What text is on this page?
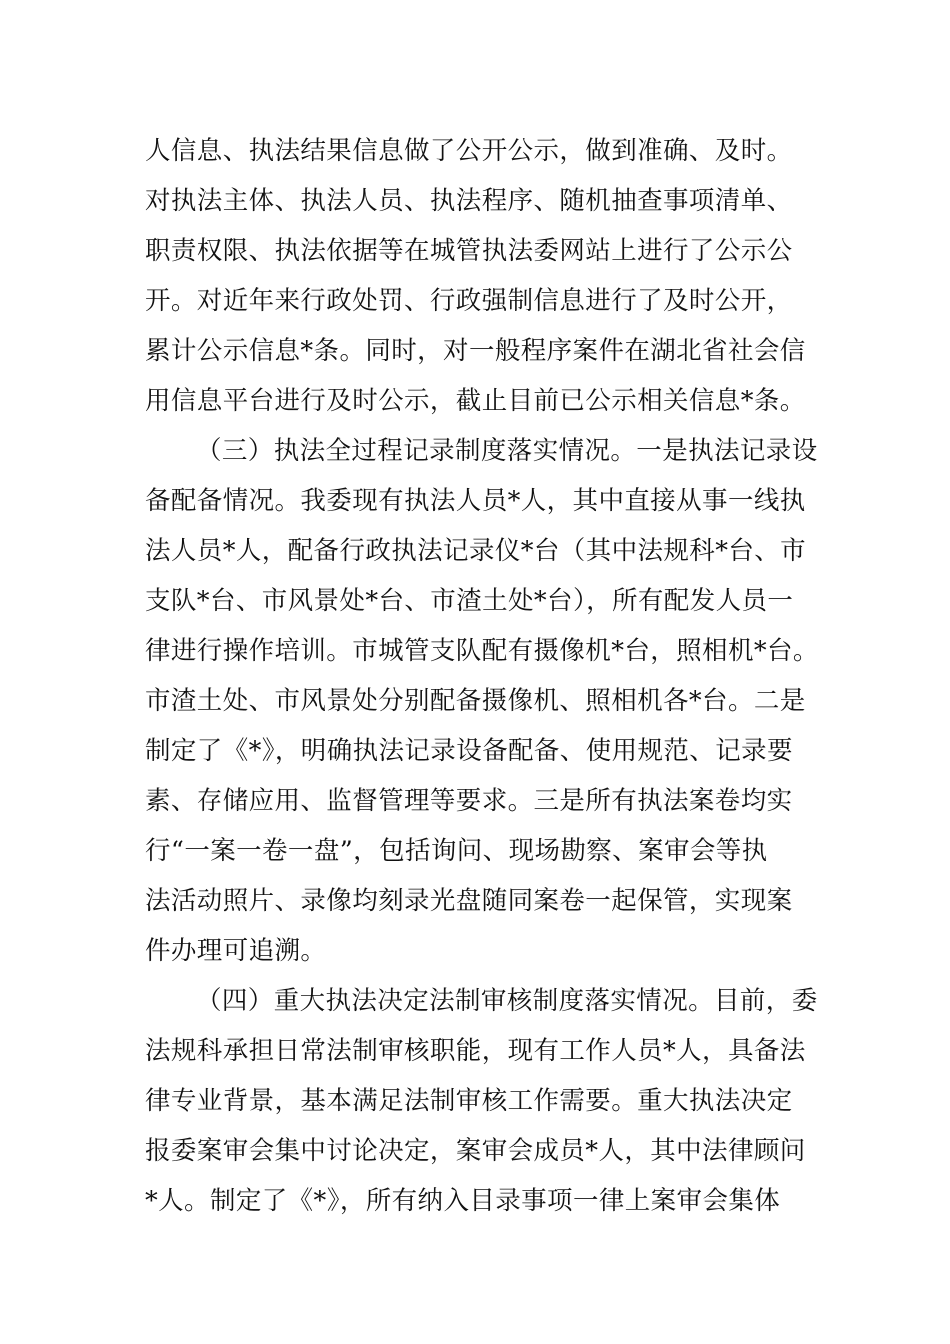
人信息、执法结果信息做了公开公示，做到准确、及时。
对执法主体、执法人员、执法程序、随机抽查事项清单、
职责权限、执法依据等在城管执法委网站上进行了公示公
开。对近年来行政处罚、行政强制信息进行了及时公开，
累计公示信息*条。同时，对一般程序案件在湖北省社会信
用信息平台进行及时公示，截止目前已公示相关信息*条。
（三）执法全过程记录制度落实情况。一是执法记录设
备配备情况。我委现有执法人员*人，其中直接从事一线执
法人员*人，配备行政执法记录仪*台（其中法规科*台、市
支队*台、市风景处*台、市渣土处*台），所有配发人员一
律进行操作培训。市城管支队配有摄像机*台，照相机*台。
市渣土处、市风景处分别配备摄像机、照相机各*台。二是
制定了《*》，明确执法记录设备配备、使用规范、记录要
素、存储应用、监督管理等要求。三是所有执法案卷均实
行“一案一卷一盘”，包括询问、现场勘察、案审会等执
法活动照片、录像均刻录光盘随同案卷一起保管，实现案
件办理可追溯。
（四）重大执法决定法制审核制度落实情况。目前，委
法规科承担日常法制审核职能，现有工作人员*人，具备法
律专业背景，基本满足法制审核工作需要。重大执法决定
报委案审会集中讨论决定，案审会成员*人，其中法律顾问
*人。制定了《*》，所有纳入目录事项一律上案审会集体
